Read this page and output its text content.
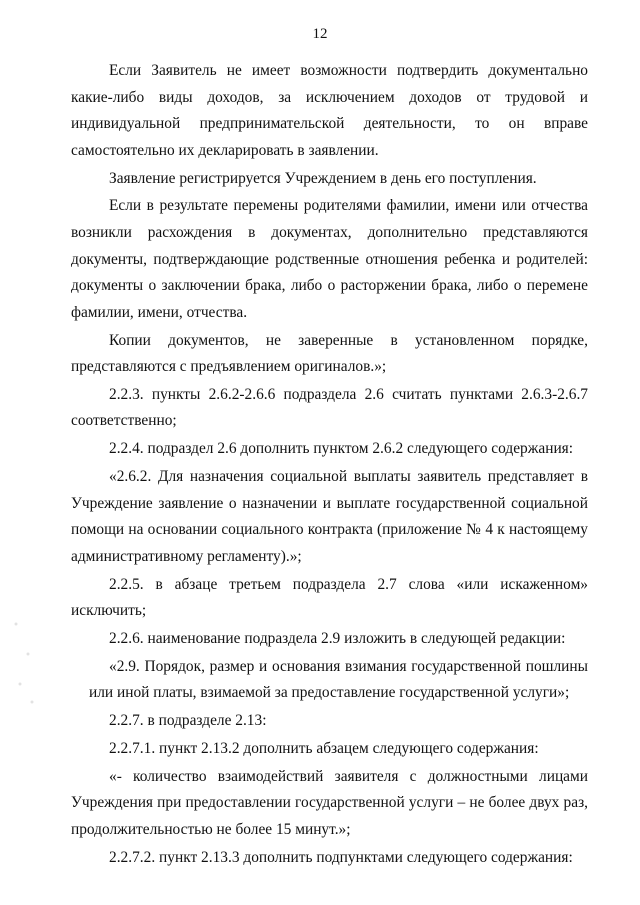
12

Если Заявитель не имеет возможности подтвердить документально какие-либо виды доходов, за исключением доходов от трудовой и индивидуальной предпринимательской деятельности, то он вправе самостоятельно их декларировать в заявлении.

Заявление регистрируется Учреждением в день его поступления.

Если в результате перемены родителями фамилии, имени или отчества возникли расхождения в документах, дополнительно представляются документы, подтверждающие родственные отношения ребенка и родителей: документы о заключении брака, либо о расторжении брака, либо о перемене фамилии, имени, отчества.

Копии документов, не заверенные в установленном порядке, представляются с предъявлением оригиналов.»;

2.2.3. пункты 2.6.2-2.6.6 подраздела 2.6 считать пунктами 2.6.3-2.6.7 соответственно;

2.2.4. подраздел 2.6 дополнить пунктом 2.6.2 следующего содержания:

«2.6.2. Для назначения социальной выплаты заявитель представляет в Учреждение заявление о назначении и выплате государственной социальной помощи на основании социального контракта (приложение № 4 к настоящему административному регламенту).»;

2.2.5. в абзаце третьем подраздела 2.7 слова «или искаженном» исключить;

2.2.6. наименование подраздела 2.9 изложить в следующей редакции:

«2.9. Порядок, размер и основания взимания государственной пошлины или иной платы, взимаемой за предоставление государственной услуги»;

2.2.7. в подразделе 2.13:

2.2.7.1. пункт 2.13.2 дополнить абзацем следующего содержания:

«- количество взаимодействий заявителя с должностными лицами Учреждения при предоставлении государственной услуги – не более двух раз, продолжительностью не более 15 минут.»;

2.2.7.2. пункт 2.13.3 дополнить подпунктами следующего содержания:
